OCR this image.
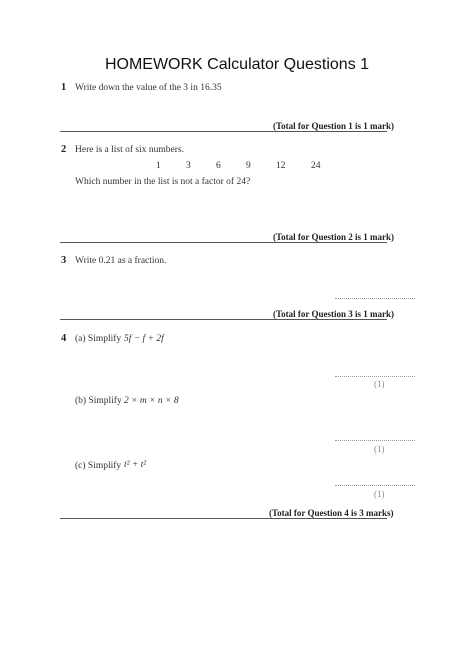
HOMEWORK Calculator Questions 1
1 Write down the value of the 3 in 16.35
(Total for Question 1 is 1 mark)
2 Here is a list of six numbers.
1	3	6	9	12	24
Which number in the list is not a factor of 24?
(Total for Question 2 is 1 mark)
3 Write 0.21 as a fraction.
(Total for Question 3 is 1 mark)
4 (a) Simplify 5f − f + 2f
(1)
(b) Simplify 2 × m × n × 8
(1)
(c) Simplify t² + t²
(1)
(Total for Question 4 is 3 marks)
